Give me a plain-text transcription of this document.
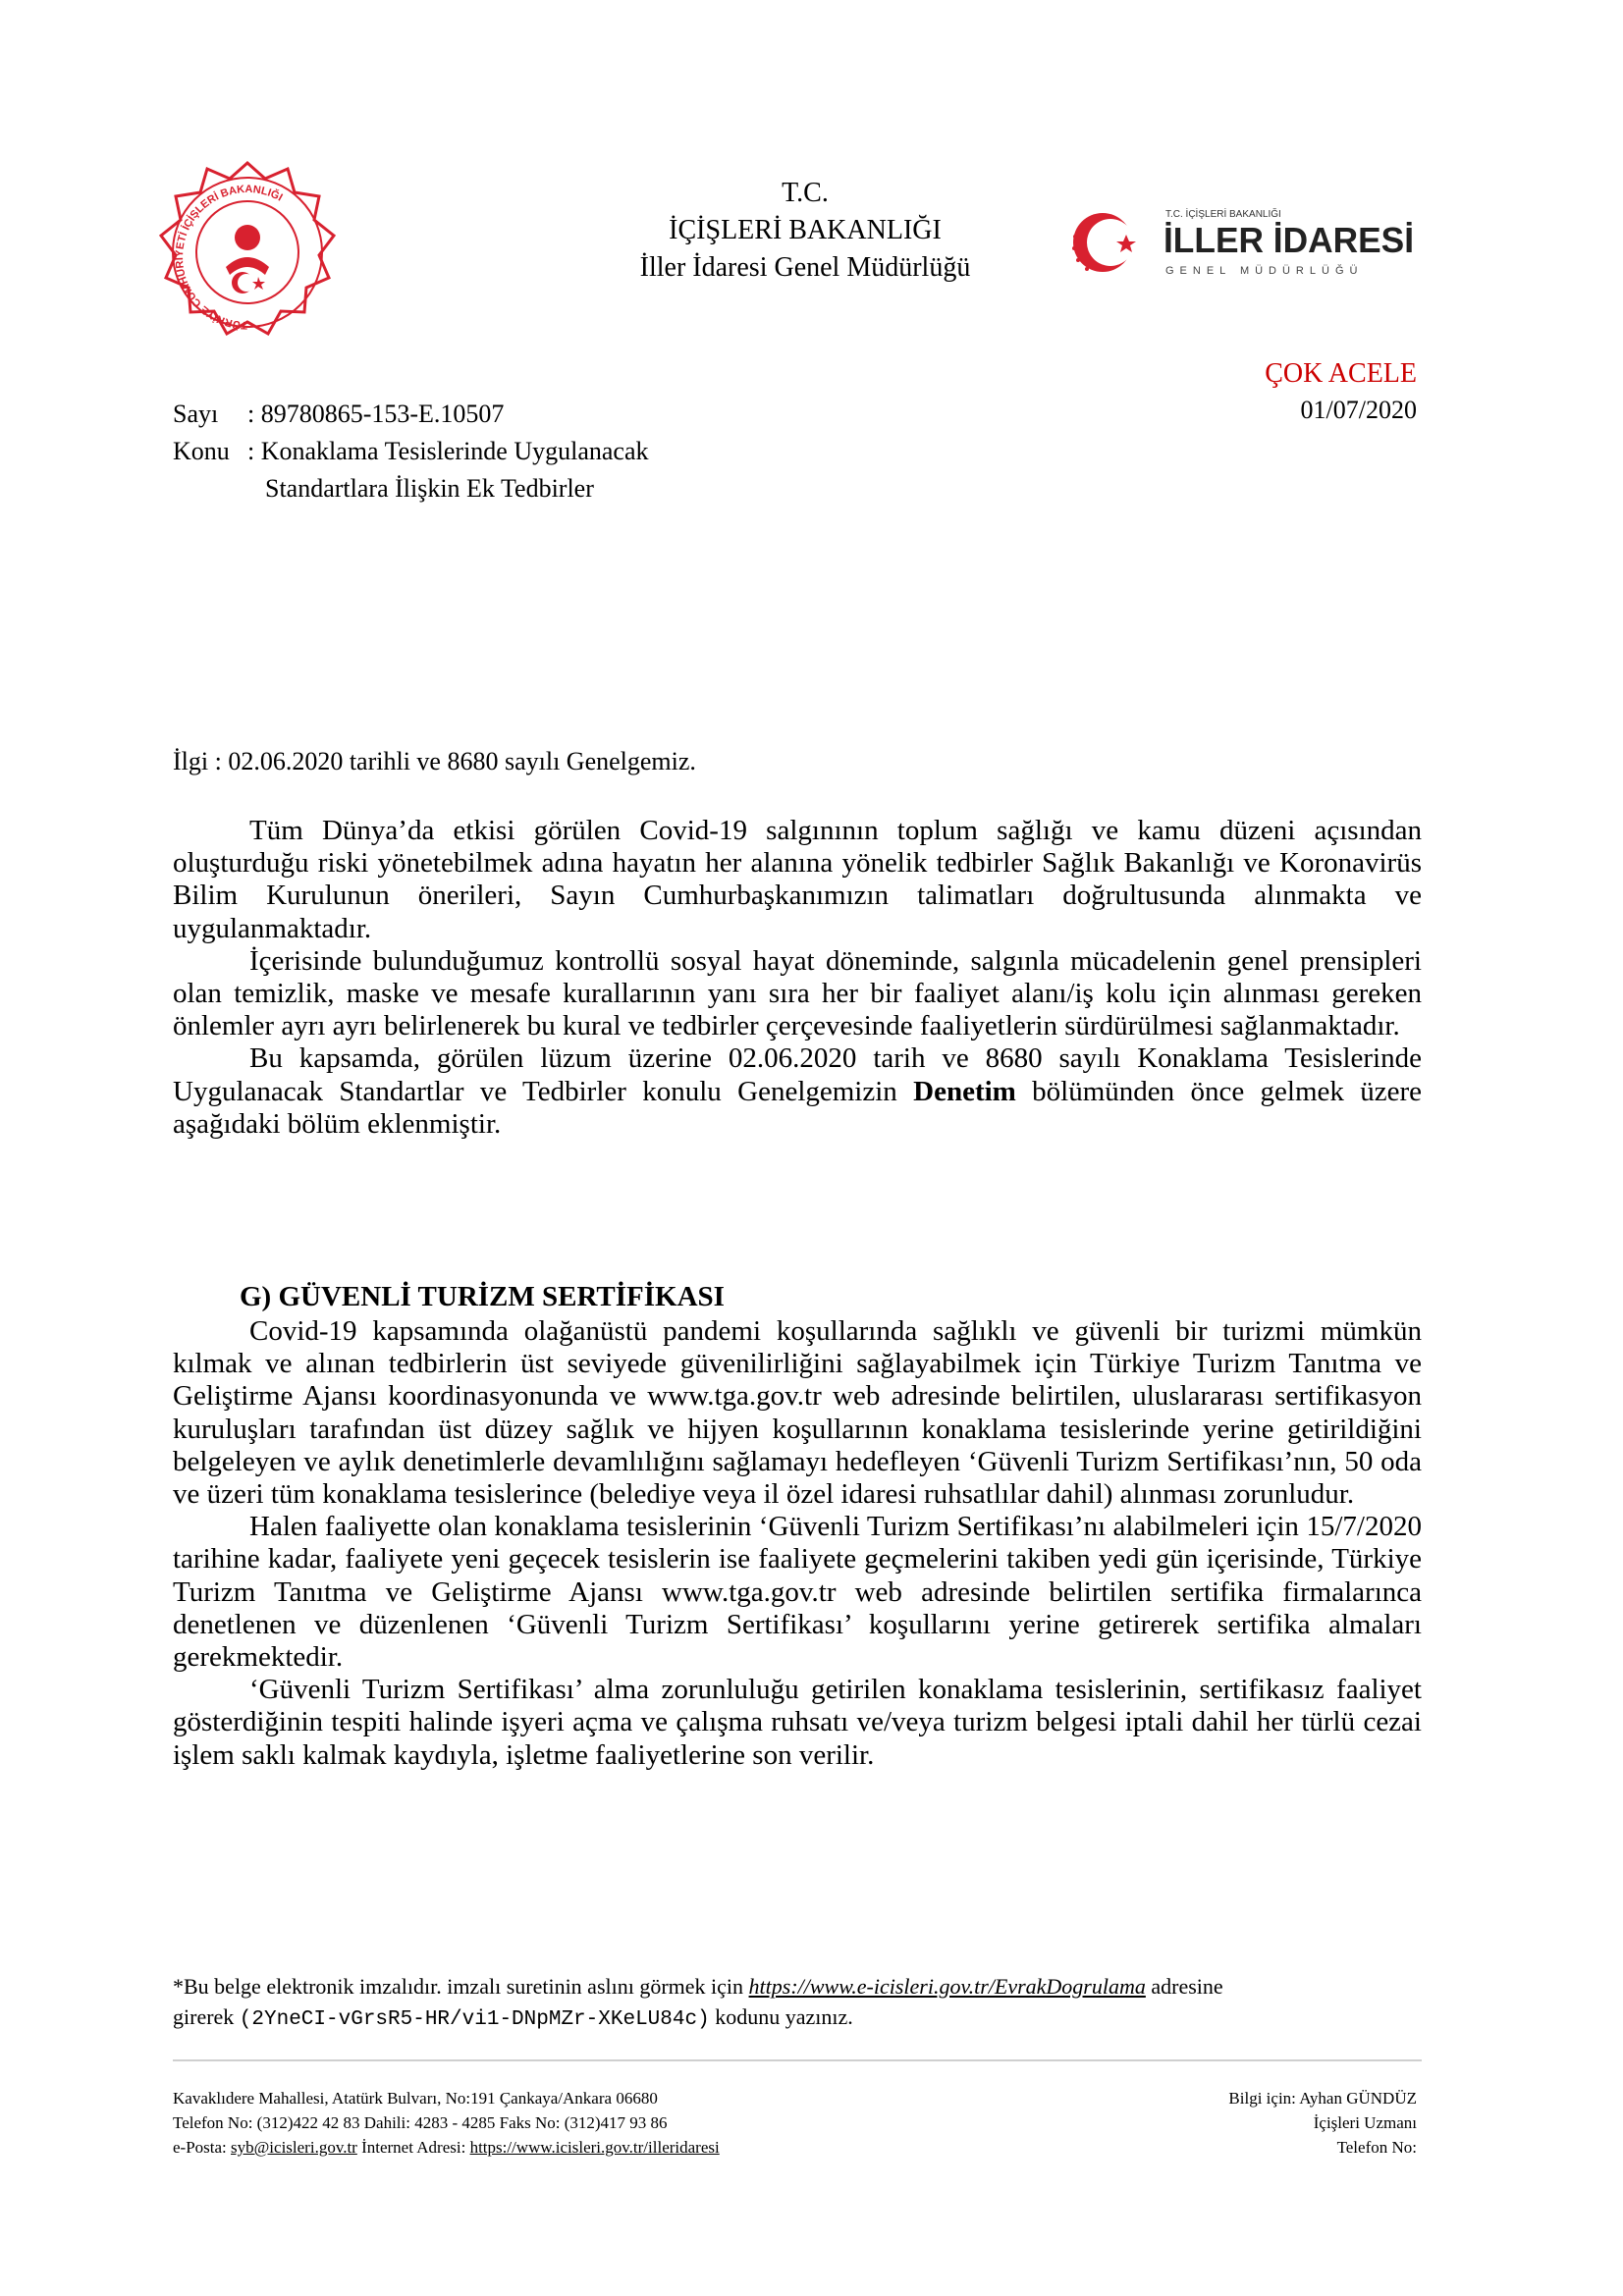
TÜRKİYE CUMHURİYETİ İÇİŞLERİ BAKANLIĞI	T.C.
İÇİŞLERİ BAKANLIĞI
İller İdaresi Genel Müdürlüğü
T.C. İÇİŞLERİ BAKANLIĞI
İLLER İDARESİ
GENEL MÜDÜRLÜĞÜ
ÇOK ACELE
01/07/2020
Sayı : 89780865-153-E.10507
Konu : Konaklama Tesislerinde Uygulanacak
Standartlara İlişkin Ek Tedbirler
İlgi : 02.06.2020 tarihli ve 8680 sayılı Genelgemiz.

Tüm Dünya’da etkisi görülen Covid-19 salgınının toplum sağlığı ve kamu düzeni açısından oluşturduğu riski yönetebilmek adına hayatın her alanına yönelik tedbirler Sağlık Bakanlığı ve Koronavirüs Bilim Kurulunun önerileri, Sayın Cumhurbaşkanımızın talimatları doğrultusunda alınmakta ve uygulanmaktadır.

İçerisinde bulunduğumuz kontrollü sosyal hayat döneminde, salgınla mücadelenin genel prensipleri olan temizlik, maske ve mesafe kurallarının yanı sıra her bir faaliyet alanı/iş kolu için alınması gereken önlemler ayrı ayrı belirlenerek bu kural ve tedbirler çerçevesinde faaliyetlerin sürdürülmesi sağlanmaktadır.

Bu kapsamda, görülen lüzum üzerine 02.06.2020 tarih ve 8680 sayılı Konaklama Tesislerinde Uygulanacak Standartlar ve Tedbirler konulu Genelgemizin Denetim bölümünden önce gelmek üzere aşağıdaki bölüm eklenmiştir.

G) GÜVENLİ TURİZM SERTİFİKASI

Covid-19 kapsamında olağanüstü pandemi koşullarında sağlıklı ve güvenli bir turizmi mümkün kılmak ve alınan tedbirlerin üst seviyede güvenilirliğini sağlayabilmek için Türkiye Turizm Tanıtma ve Geliştirme Ajansı koordinasyonunda ve www.tga.gov.tr web adresinde belirtilen, uluslararası sertifikasyon kuruluşları tarafından üst düzey sağlık ve hijyen koşullarının konaklama tesislerinde yerine getirildiğini belgeleyen ve aylık denetimlerle devamlılığını sağlamayı hedefleyen ‘Güvenli Turizm Sertifikası’nın, 50 oda ve üzeri tüm konaklama tesislerince (belediye veya il özel idaresi ruhsatlılar dahil) alınması zorunludur.

Halen faaliyette olan konaklama tesislerinin ‘Güvenli Turizm Sertifikası’nı alabilmeleri için 15/7/2020 tarihine kadar, faaliyete yeni geçecek tesislerin ise faaliyete geçmelerini takiben yedi gün içerisinde, Türkiye Turizm Tanıtma ve Geliştirme Ajansı www.tga.gov.tr web adresinde belirtilen sertifika firmalarınca denetlenen ve düzenlenen ‘Güvenli Turizm Sertifikası’ koşullarını yerine getirerek sertifika almaları gerekmektedir.

‘Güvenli Turizm Sertifikası’ alma zorunluluğu getirilen konaklama tesislerinin, sertifikasız faaliyet gösterdiğinin tespiti halinde işyeri açma ve çalışma ruhsatı ve/veya turizm belgesi iptali dahil her türlü cezai işlem saklı kalmak kaydıyla, işletme faaliyetlerine son verilir.

*Bu belge elektronik imzalıdır. imzalı suretinin aslını görmek için https://www.e-icisleri.gov.tr/EvrakDogrulama adresine
girerek (2YneCI-vGrsR5-HR/vi1-DNpMZr-XKeLU84c) kodunu yazınız.
Kavaklıdere Mahallesi, Atatürk Bulvarı, No:191 Çankaya/Ankara 06680
Telefon No: (312)422 42 83 Dahili: 4283 - 4285 Faks No: (312)417 93 86
e-Posta: syb@icisleri.gov.tr İnternet Adresi: https://www.icisleri.gov.tr/illeridaresi
Bilgi için: Ayhan GÜNDÜZ
İçişleri Uzmanı
Telefon No:
